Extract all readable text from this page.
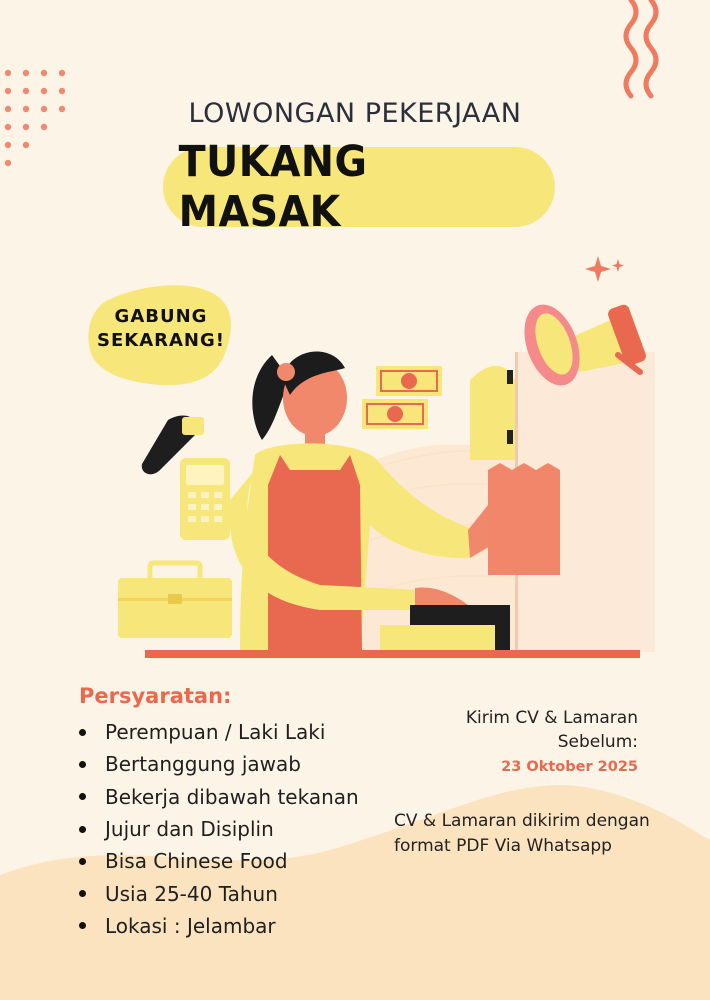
LOWONGAN PEKERJAAN
TUKANG MASAK
GABUNG
SEKARANG!
Persyaratan:
Perempuan / Laki Laki
Bertanggung jawab
Bekerja dibawah tekanan
Jujur dan Disiplin
Bisa Chinese Food
Usia 25-40 Tahun
Lokasi : Jelambar
Kirim CV & Lamaran
Sebelum:
23 Oktober 2025
CV & Lamaran dikirim dengan
format PDF Via Whatsapp
